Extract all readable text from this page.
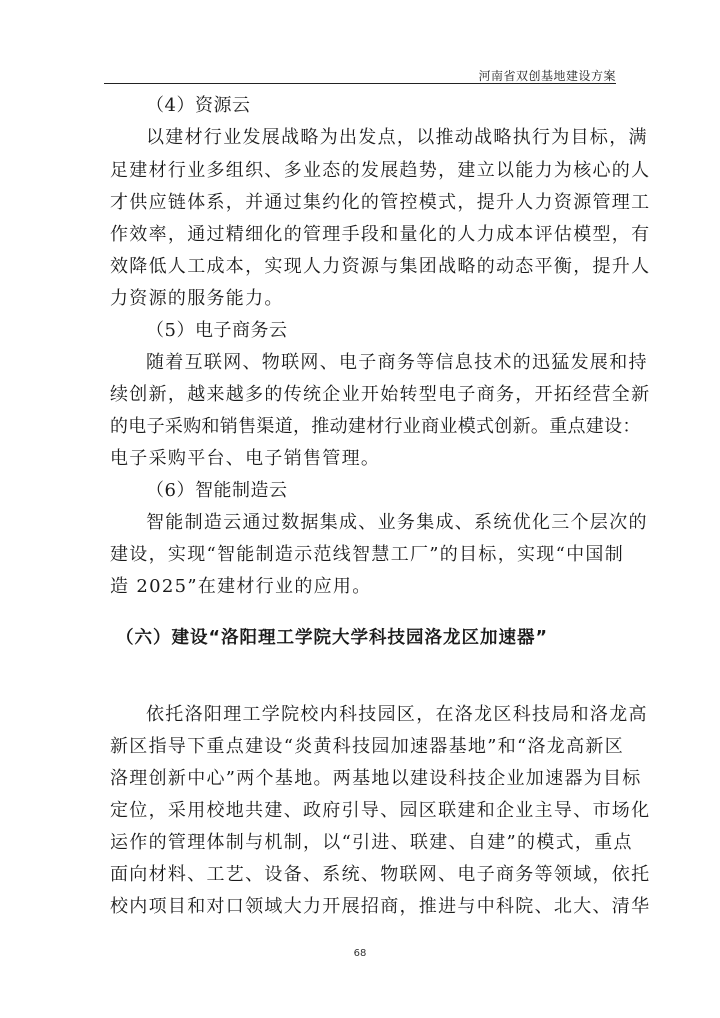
河南省双创基地建设方案
（4）资源云
以建材行业发展战略为出发点，以推动战略执行为目标，满
足建材行业多组织、多业态的发展趋势，建立以能力为核心的人
才供应链体系，并通过集约化的管控模式，提升人力资源管理工
作效率，通过精细化的管理手段和量化的人力成本评估模型，有
效降低人工成本，实现人力资源与集团战略的动态平衡，提升人
力资源的服务能力。
（5）电子商务云
随着互联网、物联网、电子商务等信息技术的迅猛发展和持
续创新，越来越多的传统企业开始转型电子商务，开拓经营全新
的电子采购和销售渠道，推动建材行业商业模式创新。重点建设：
电子采购平台、电子销售管理。
（6）智能制造云
智能制造云通过数据集成、业务集成、系统优化三个层次的
建设，实现“智能制造示范线智慧工厂”的目标，实现“中国制
造 2025”在建材行业的应用。
（六）建设“洛阳理工学院大学科技园洛龙区加速器”
依托洛阳理工学院校内科技园区，在洛龙区科技局和洛龙高
新区指导下重点建设“炎黄科技园加速器基地”和“洛龙高新区
洛理创新中心”两个基地。两基地以建设科技企业加速器为目标
定位，采用校地共建、政府引导、园区联建和企业主导、市场化
运作的管理体制与机制，以“引进、联建、自建”的模式，重点
面向材料、工艺、设备、系统、物联网、电子商务等领域，依托
校内项目和对口领域大力开展招商，推进与中科院、北大、清华
68
